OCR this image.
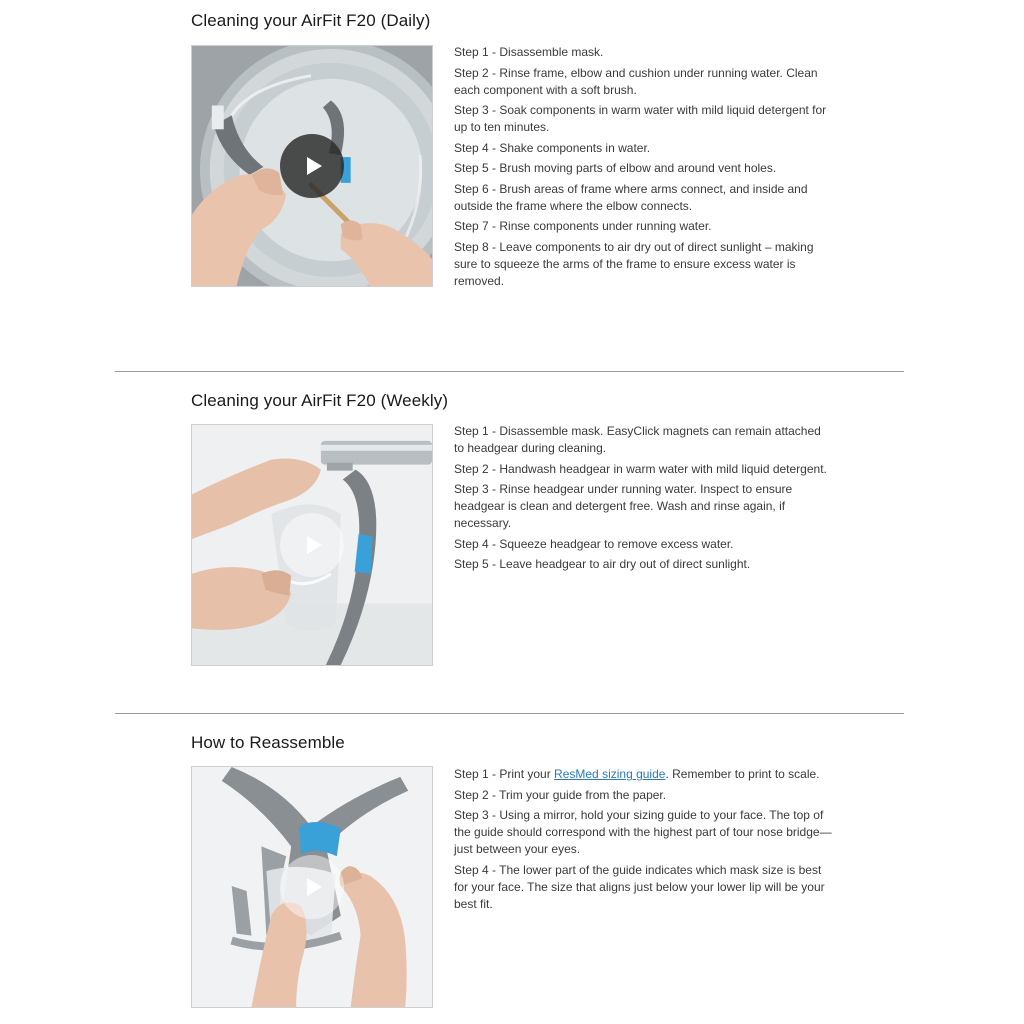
Cleaning your AirFit F20 (Daily)
Step 1 - Disassemble mask.
Step 2 - Rinse frame, elbow and cushion under running water. Clean each component with a soft brush.
Step 3 - Soak components in warm water with mild liquid detergent for up to ten minutes.
Step 4 - Shake components in water.
Step 5 - Brush moving parts of elbow and around vent holes.
Step 6 - Brush areas of frame where arms connect, and inside and outside the frame where the elbow connects.
Step 7 - Rinse components under running water.
Step 8 - Leave components to air dry out of direct sunlight – making sure to squeeze the arms of the frame to ensure excess water is removed.
Cleaning your AirFit F20 (Weekly)
Step 1 - Disassemble mask. EasyClick magnets can remain attached to headgear during cleaning.
Step 2 - Handwash headgear in warm water with mild liquid detergent.
Step 3 - Rinse headgear under running water. Inspect to ensure headgear is clean and detergent free. Wash and rinse again, if necessary.
Step 4 - Squeeze headgear to remove excess water.
Step 5 - Leave headgear to air dry out of direct sunlight.
How to Reassemble
Step 1 - Print your ResMed sizing guide. Remember to print to scale.
Step 2 - Trim your guide from the paper.
Step 3 - Using a mirror, hold your sizing guide to your face. The top of the guide should correspond with the highest part of tour nose bridge—just between your eyes.
Step 4 - The lower part of the guide indicates which mask size is best for your face. The size that aligns just below your lower lip will be your best fit.
